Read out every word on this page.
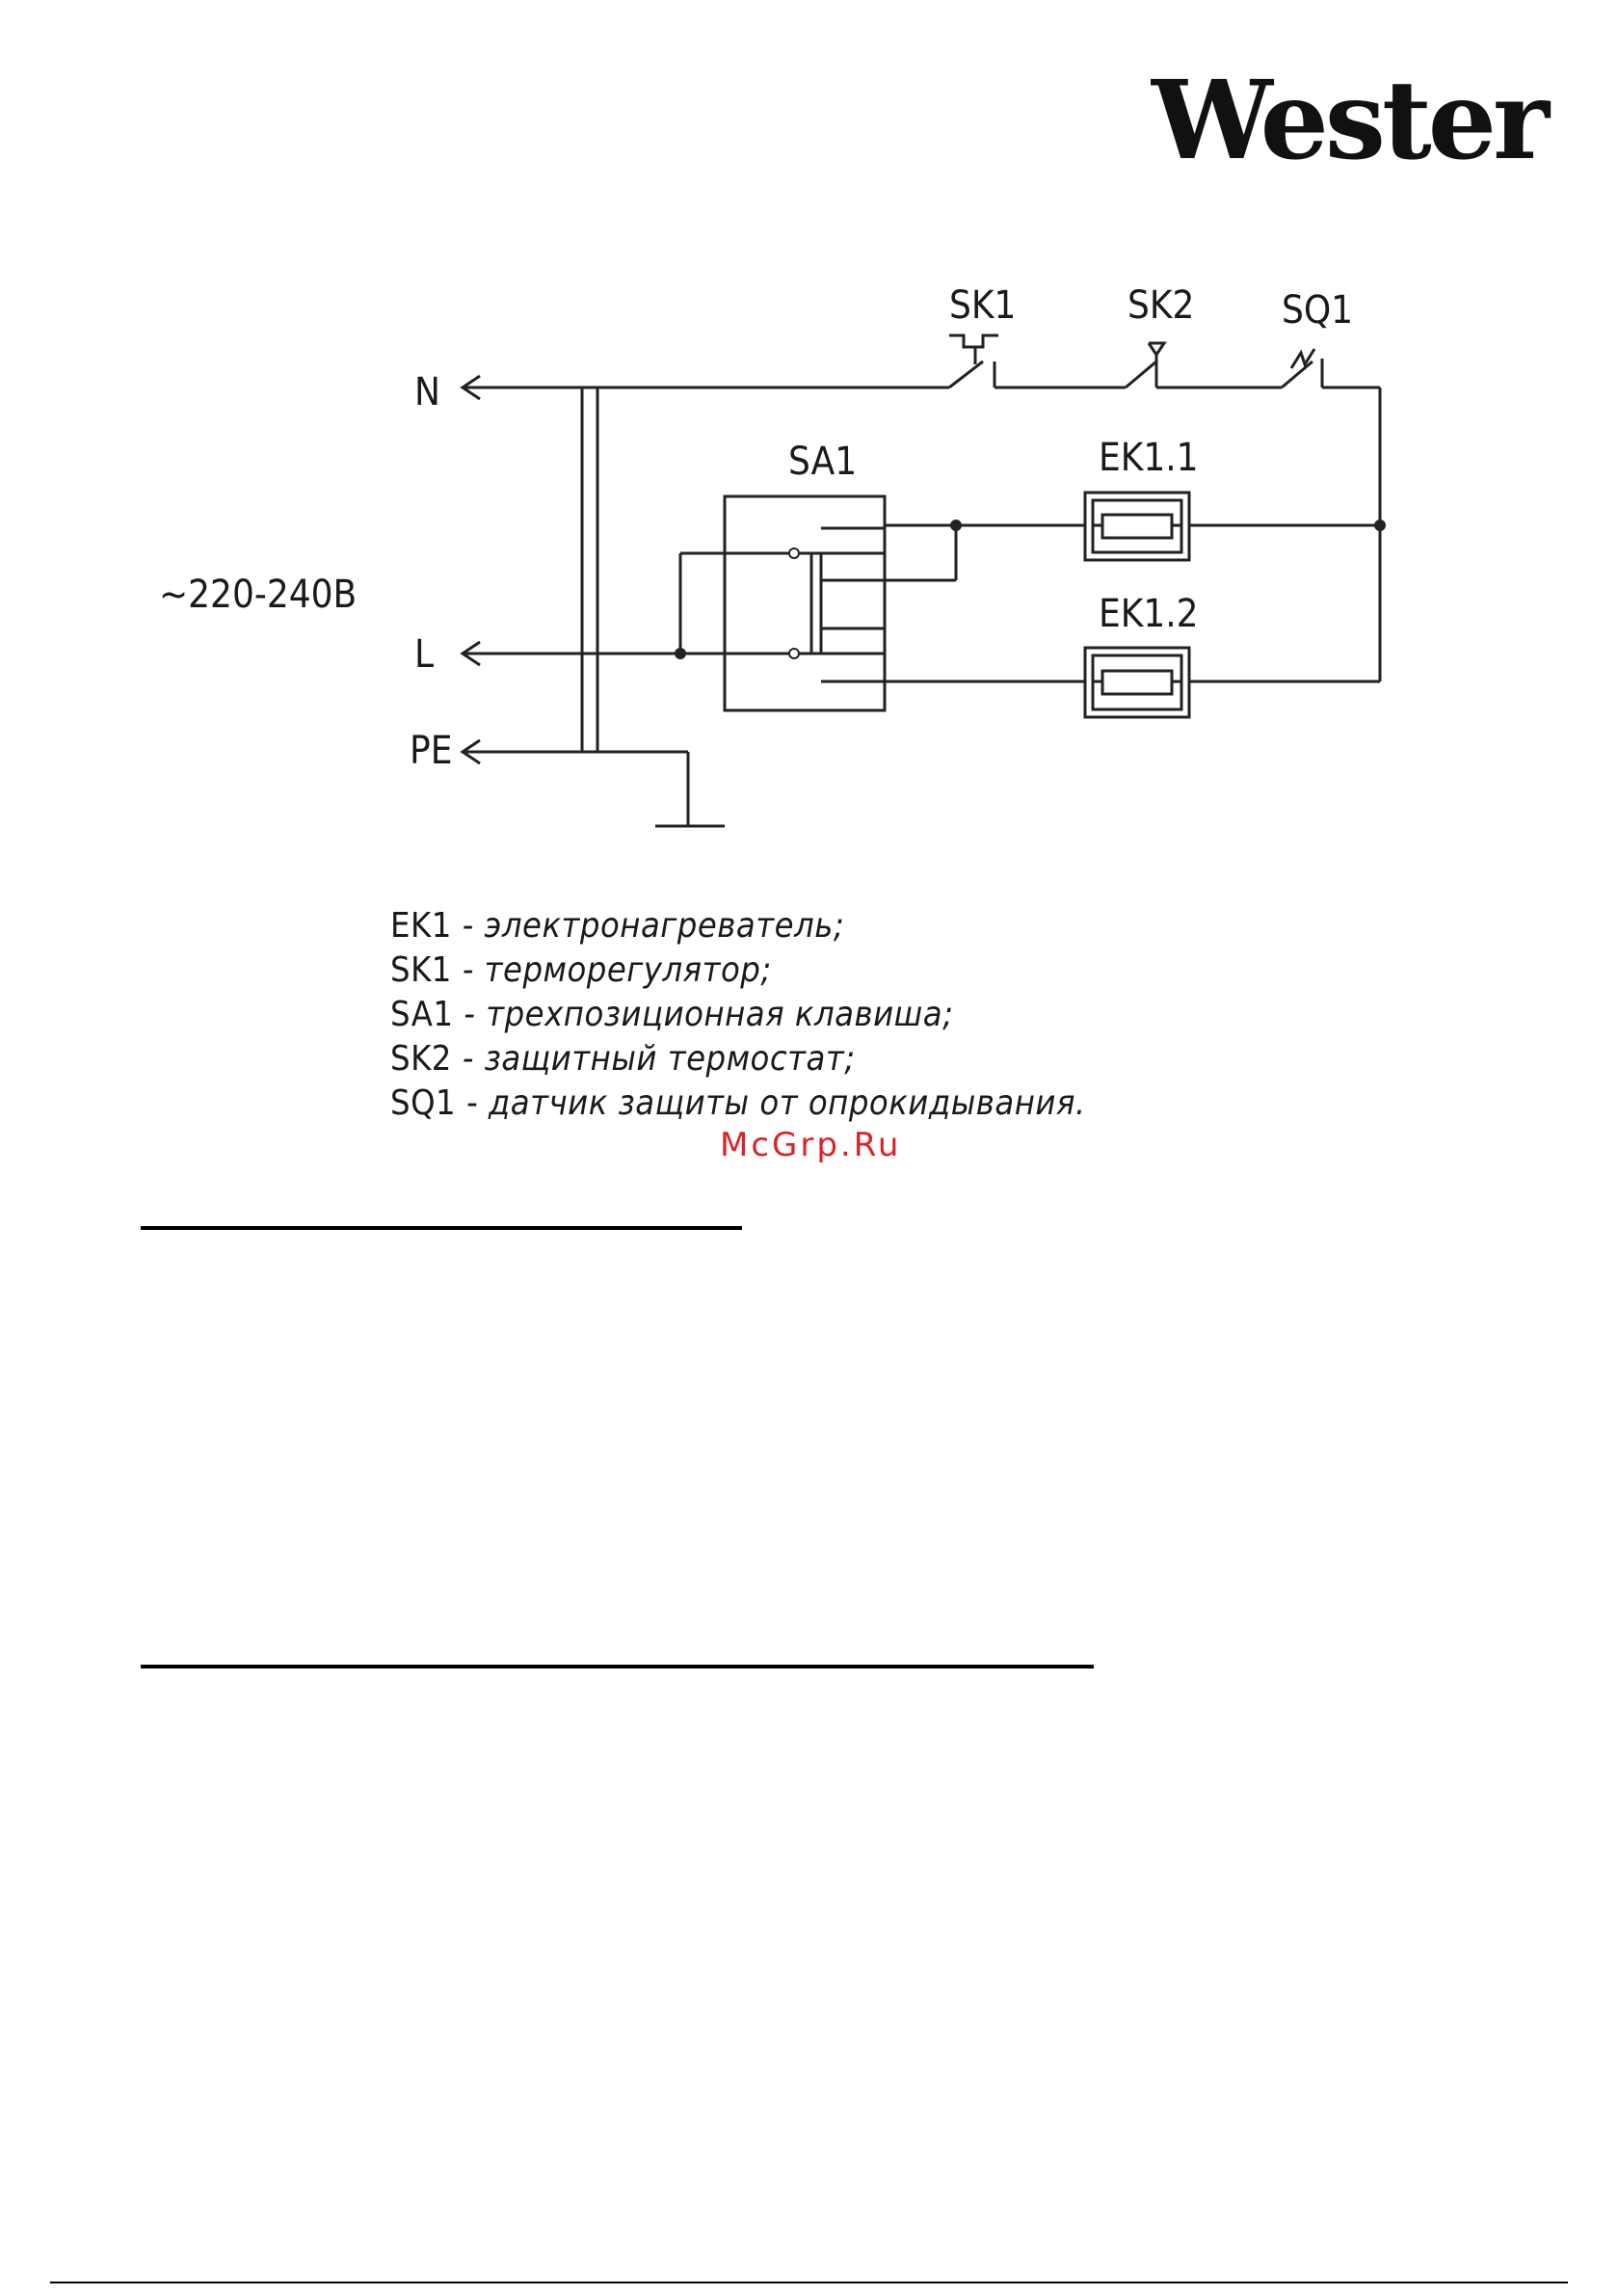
Wester
N
L
PE
~220-240В
SK1	SK2 SQ1
SA1	EK1.1
EK1.2
EK1 - электронагреватель;
SK1 - терморегулятор;
SA1 - трехпозиционная клавиша;
SK2 - защитный термостат;
SQ1 - датчик защиты от опрокидывания.
McGrp.Ru
